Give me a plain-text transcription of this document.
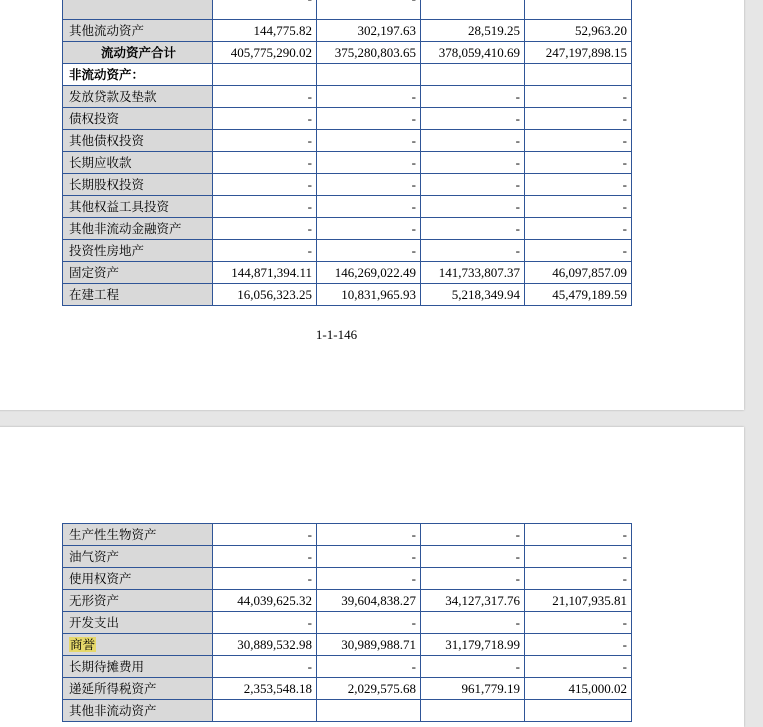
其他流动资产	144,775.82	302,197.63	28,519.25	52,963.20
流动资产合计	405,775,290.02	375,280,803.65	378,059,410.69	247,197,898.15
非流动资产：				
发放贷款及垫款	-	-	-	-
债权投资	-	-	-	-
其他债权投资	-	-	-	-
长期应收款	-	-	-	-
长期股权投资	-	-	-	-
其他权益工具投资	-	-	-	-
其他非流动金融资产	-	-	-	-
投资性房地产	-	-	-	-
固定资产	144,871,394.11	146,269,022.49	141,733,807.37	46,097,857.09
在建工程	16,056,323.25	10,831,965.93	5,218,349.94	45,479,189.59
1-1-146
生产性生物资产	-	-	-	-
油气资产	-	-	-	-
使用权资产	-	-	-	-
无形资产	44,039,625.32	39,604,838.27	34,127,317.76	21,107,935.81
开发支出	-	-	-	-
商誉	30,889,532.98	30,989,988.71	31,179,718.99	-
长期待摊费用	-	-	-	-
递延所得税资产	2,353,548.18	2,029,575.68	961,779.19	415,000.02
其他非流动资产				
